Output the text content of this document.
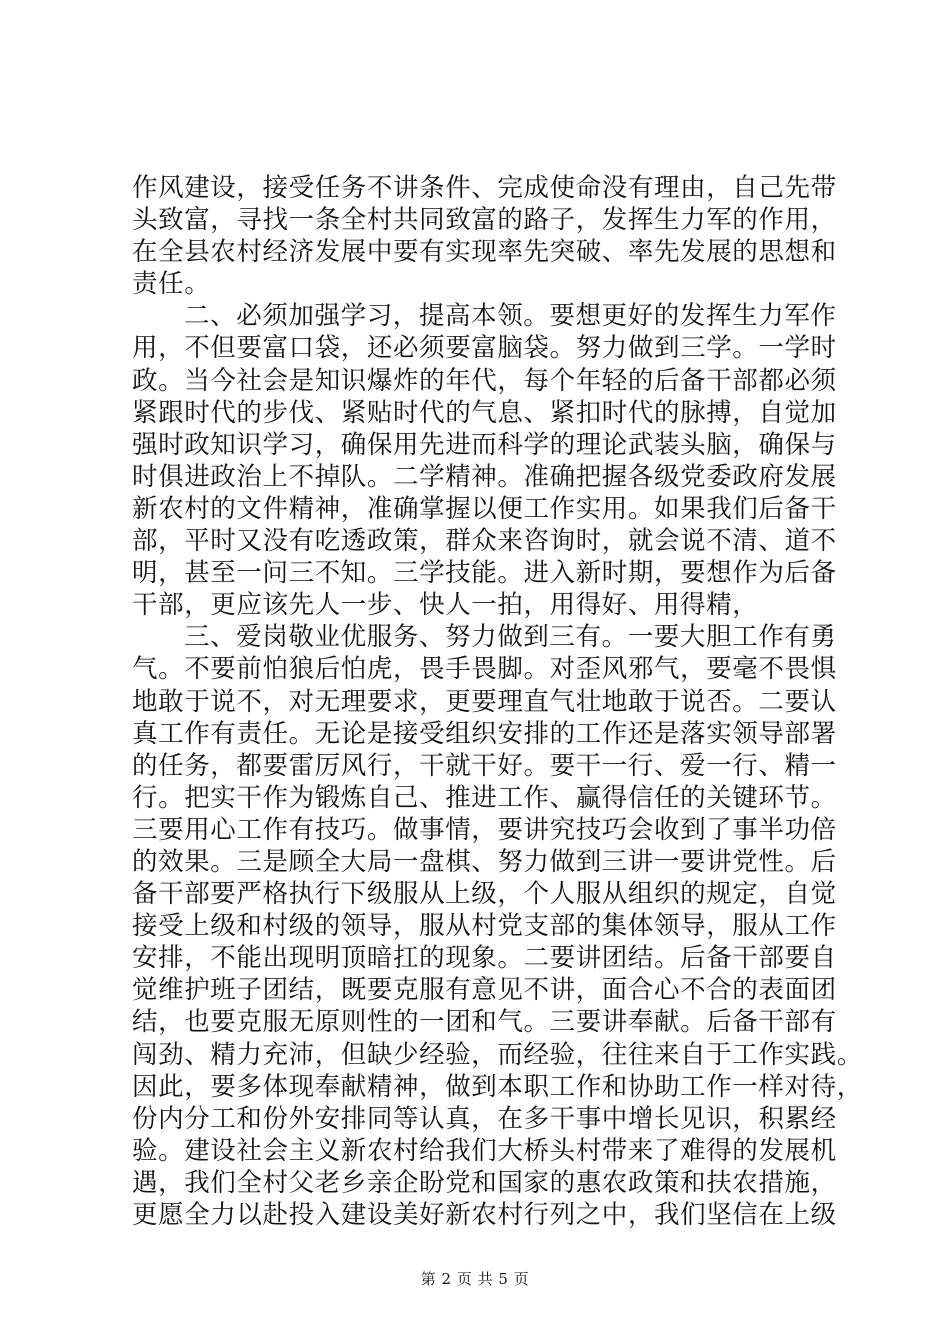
作风建设，接受任务不讲条件、完成使命没有理由，自己先带
头致富，寻找一条全村共同致富的路子，发挥生力军的作用，
在全县农村经济发展中要有实现率先突破、率先发展的思想和
责任。
二、必须加强学习，提高本领。要想更好的发挥生力军作
用，不但要富口袋，还必须要富脑袋。努力做到三学。一学时
政。当今社会是知识爆炸的年代，每个年轻的后备干部都必须
紧跟时代的步伐、紧贴时代的气息、紧扣时代的脉搏，自觉加
强时政知识学习，确保用先进而科学的理论武装头脑，确保与
时俱进政治上不掉队。二学精神。准确把握各级党委政府发展
新农村的文件精神，准确掌握以便工作实用。如果我们后备干
部，平时又没有吃透政策，群众来咨询时，就会说不清、道不
明，甚至一问三不知。三学技能。进入新时期，要想作为后备
干部，更应该先人一步、快人一拍，用得好、用得精，
三、爱岗敬业优服务、努力做到三有。一要大胆工作有勇
气。不要前怕狼后怕虎，畏手畏脚。对歪风邪气，要毫不畏惧
地敢于说不，对无理要求，更要理直气壮地敢于说否。二要认
真工作有责任。无论是接受组织安排的工作还是落实领导部署
的任务，都要雷厉风行，干就干好。要干一行、爱一行、精一
行。把实干作为锻炼自己、推进工作、赢得信任的关键环节。
三要用心工作有技巧。做事情，要讲究技巧会收到了事半功倍
的效果。三是顾全大局一盘棋、努力做到三讲一要讲党性。后
备干部要严格执行下级服从上级，个人服从组织的规定，自觉
接受上级和村级的领导，服从村党支部的集体领导，服从工作
安排，不能出现明顶暗扛的现象。二要讲团结。后备干部要自
觉维护班子团结，既要克服有意见不讲，面合心不合的表面团
结，也要克服无原则性的一团和气。三要讲奉献。后备干部有
闯劲、精力充沛，但缺少经验，而经验，往往来自于工作实践。
因此，要多体现奉献精神，做到本职工作和协助工作一样对待，
份内分工和份外安排同等认真，在多干事中增长见识，积累经
验。建设社会主义新农村给我们大桥头村带来了难得的发展机
遇，我们全村父老乡亲企盼党和国家的惠农政策和扶农措施，
更愿全力以赴投入建设美好新农村行列之中，我们坚信在上级
第 2 页 共 5 页
